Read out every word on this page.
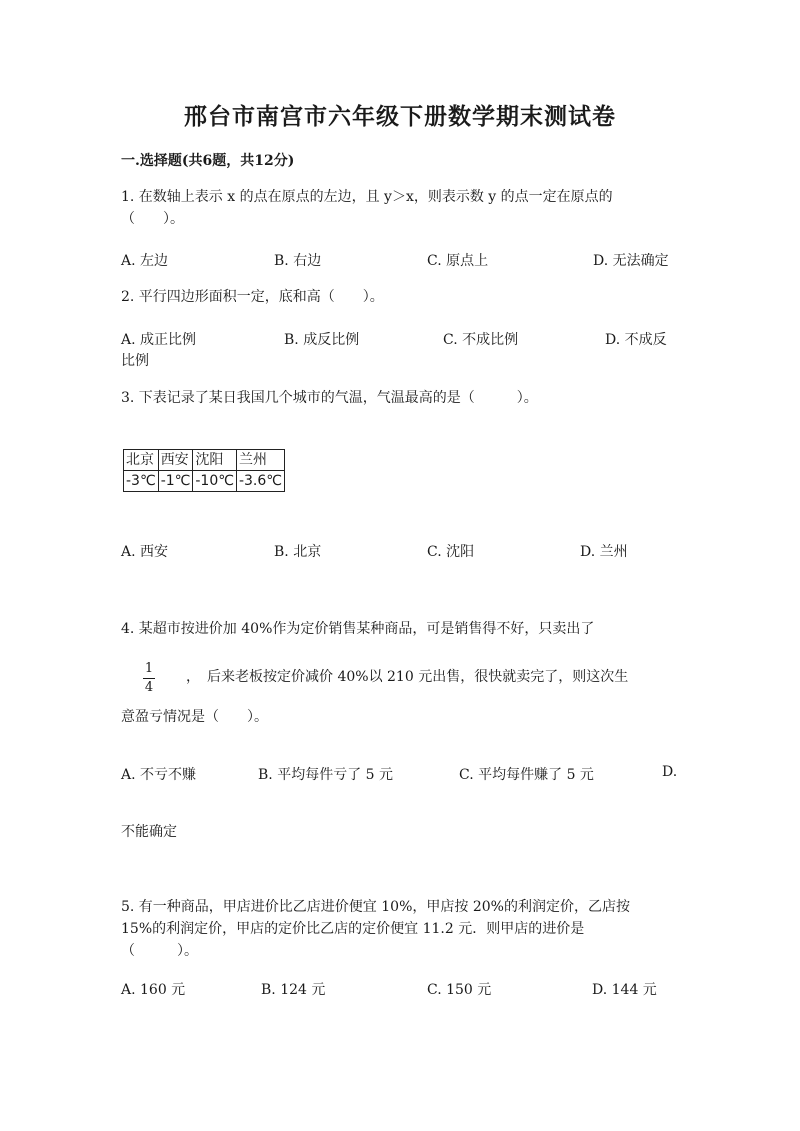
邢台市南宫市六年级下册数学期末测试卷
一.选择题(共6题，共12分)
1. 在数轴上表示 x 的点在原点的左边，且 y＞x，则表示数 y 的点一定在原点的
（　　）。
A. 左边	B. 右边	C. 原点上	D. 无法确定
2. 平行四边形面积一定，底和高（　　）。
A. 成正比例	B. 成反比例	C. 不成比例	D. 不成反
比例
3. 下表记录了某日我国几个城市的气温，气温最高的是（　　　）。
北京	西安	沈阳	兰州
-3℃	-1℃	-10℃	-3.6℃
A. 西安	B. 北京	C. 沈阳	D. 兰州
4. 某超市按进价加 40%作为定价销售某种商品，可是销售得不好，只卖出了
1
4
，　后来老板按定价减价 40%以 210 元出售，很快就卖完了，则这次生
意盈亏情况是（　　）。
A. 不亏不赚	B. 平均每件亏了 5 元	C. 平均每件赚了 5 元	D.
不能确定
5. 有一种商品，甲店进价比乙店进价便宜 10%，甲店按 20%的利润定价，乙店按
15%的利润定价，甲店的定价比乙店的定价便宜 11.2 元．则甲店的进价是
（　　　）。
A. 160 元	B. 124 元	C. 150 元	D. 144 元
